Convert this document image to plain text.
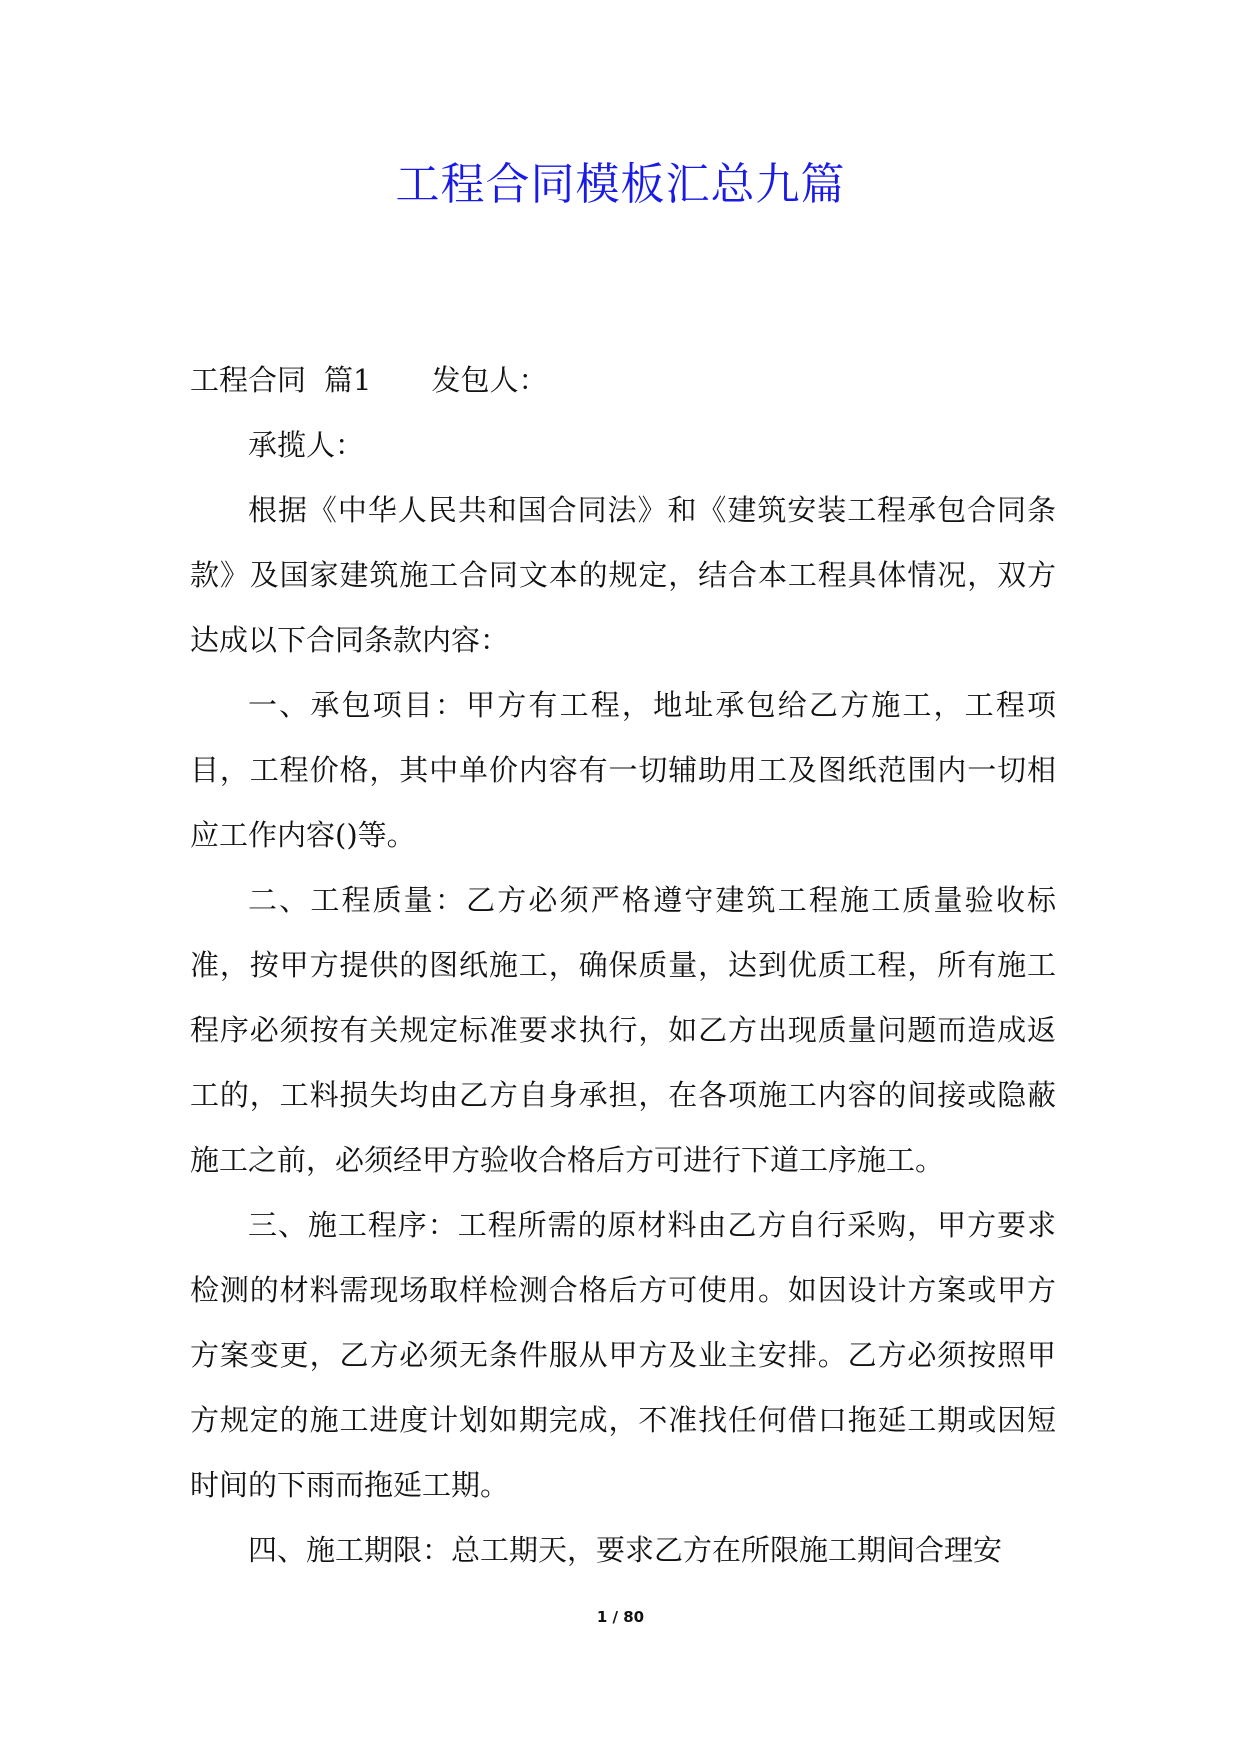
工程合同模板汇总九篇

工程合同 篇1 发包人：

承揽人：

根据《中华人民共和国合同法》和《建筑安装工程承包合同条款》及国家建筑施工合同文本的规定，结合本工程具体情况，双方达成以下合同条款内容：

一、承包项目：甲方有工程，地址承包给乙方施工，工程项目，工程价格，其中单价内容有一切辅助用工及图纸范围内一切相应工作内容()等。

二、工程质量：乙方必须严格遵守建筑工程施工质量验收标准，按甲方提供的图纸施工，确保质量，达到优质工程，所有施工程序必须按有关规定标准要求执行，如乙方出现质量问题而造成返工的，工料损失均由乙方自身承担，在各项施工内容的间接或隐蔽施工之前，必须经甲方验收合格后方可进行下道工序施工。

三、施工程序：工程所需的原材料由乙方自行采购，甲方要求检测的材料需现场取样检测合格后方可使用。如因设计方案或甲方方案变更，乙方必须无条件服从甲方及业主安排。乙方必须按照甲方规定的施工进度计划如期完成，不准找任何借口拖延工期或因短时间的下雨而拖延工期。

四、施工期限：总工期天，要求乙方在所限施工期间合理安

1 / 80
